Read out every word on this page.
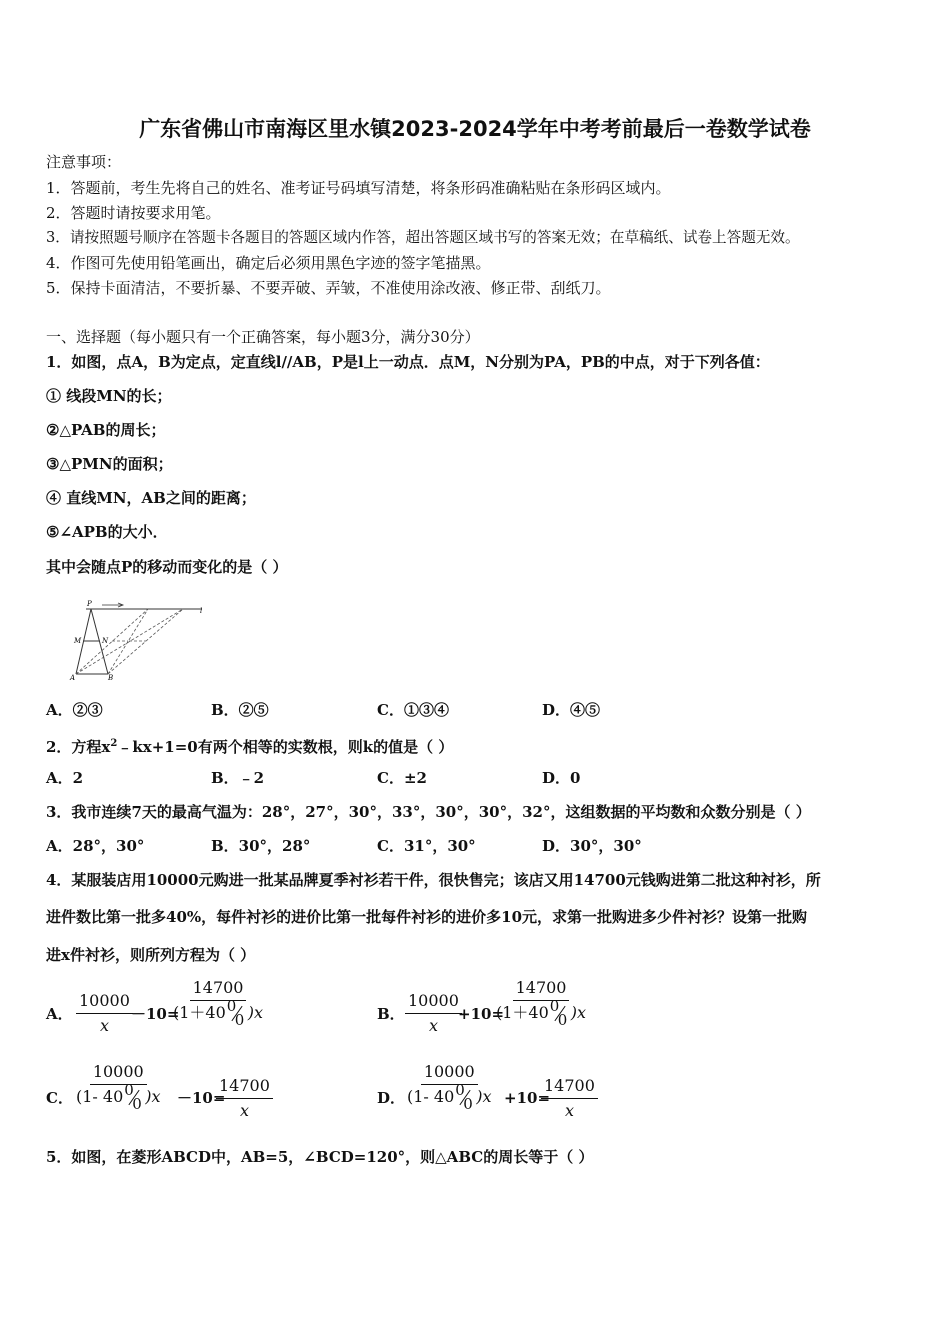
广东省佛山市南海区里水镇2023-2024学年中考考前最后一卷数学试卷
注意事项：
1．答题前，考生先将自己的姓名、准考证号码填写清楚，将条形码准确粘贴在条形码区域内。
2．答题时请按要求用笔。
3．请按照题号顺序在答题卡各题目的答题区域内作答，超出答题区域书写的答案无效；在草稿纸、试卷上答题无效。
4．作图可先使用铅笔画出，确定后必须用黑色字迹的签字笔描黑。
5．保持卡面清洁，不要折暴、不要弄破、弄皱，不准使用涂改液、修正带、刮纸刀。
一、选择题（每小题只有一个正确答案，每小题3分，满分30分）
1．如图，点A，B为定点，定直线l//AB，P是l上一动点．点M，N分别为PA，PB的中点，对于下列各值：
① 线段MN的长；
②△PAB的周长；
③△PMN的面积；
④ 直线MN，AB之间的距离；
⑤∠APB的大小．
其中会随点P的移动而变化的是（ ）
P
l
M	N
A	B
A．②③	B．②⑤	C．①③④	D．④⑤
2．方程$x^2﹣kx+1=0$有两个相等的实数根，则k的值是（ ）
A．2	B．﹣2	C．±2	D．0
3．我市连续7天的最高气温为：28°，27°，30°，33°，30°，30°，32°，这组数据的平均数和众数分别是（ ）
A．28°，30°	B．30°，28°	C．31°，30°	D．30°，30°
4．某服装店用10000元购进一批某品牌夏季衬衫若干件，很快售完；该店又用14700元钱购进第二批这种衬衫，所
进件数比第一批多40%，每件衬衫的进价比第一批每件衬衫的进价多10元，求第一批购进多少件衬衫？设第一批购
进x件衬衫，则所列方程为（ ）
A． $\frac{10000}{x}$
－10=
14700
(1＋40 0
0 )x	B． $\frac{10000}{x}$
+10=
14700
(1＋40 0
0 )x
C． 10000
(1- 40 0
0 )x －10=
$\frac{14700}{x}$	D． 10000
(1- 40 0
0 )x +10=
$\frac{14700}{x}$
5．如图，在菱形ABCD中，AB=5，∠BCD=120°，则△ABC的周长等于（ ）
